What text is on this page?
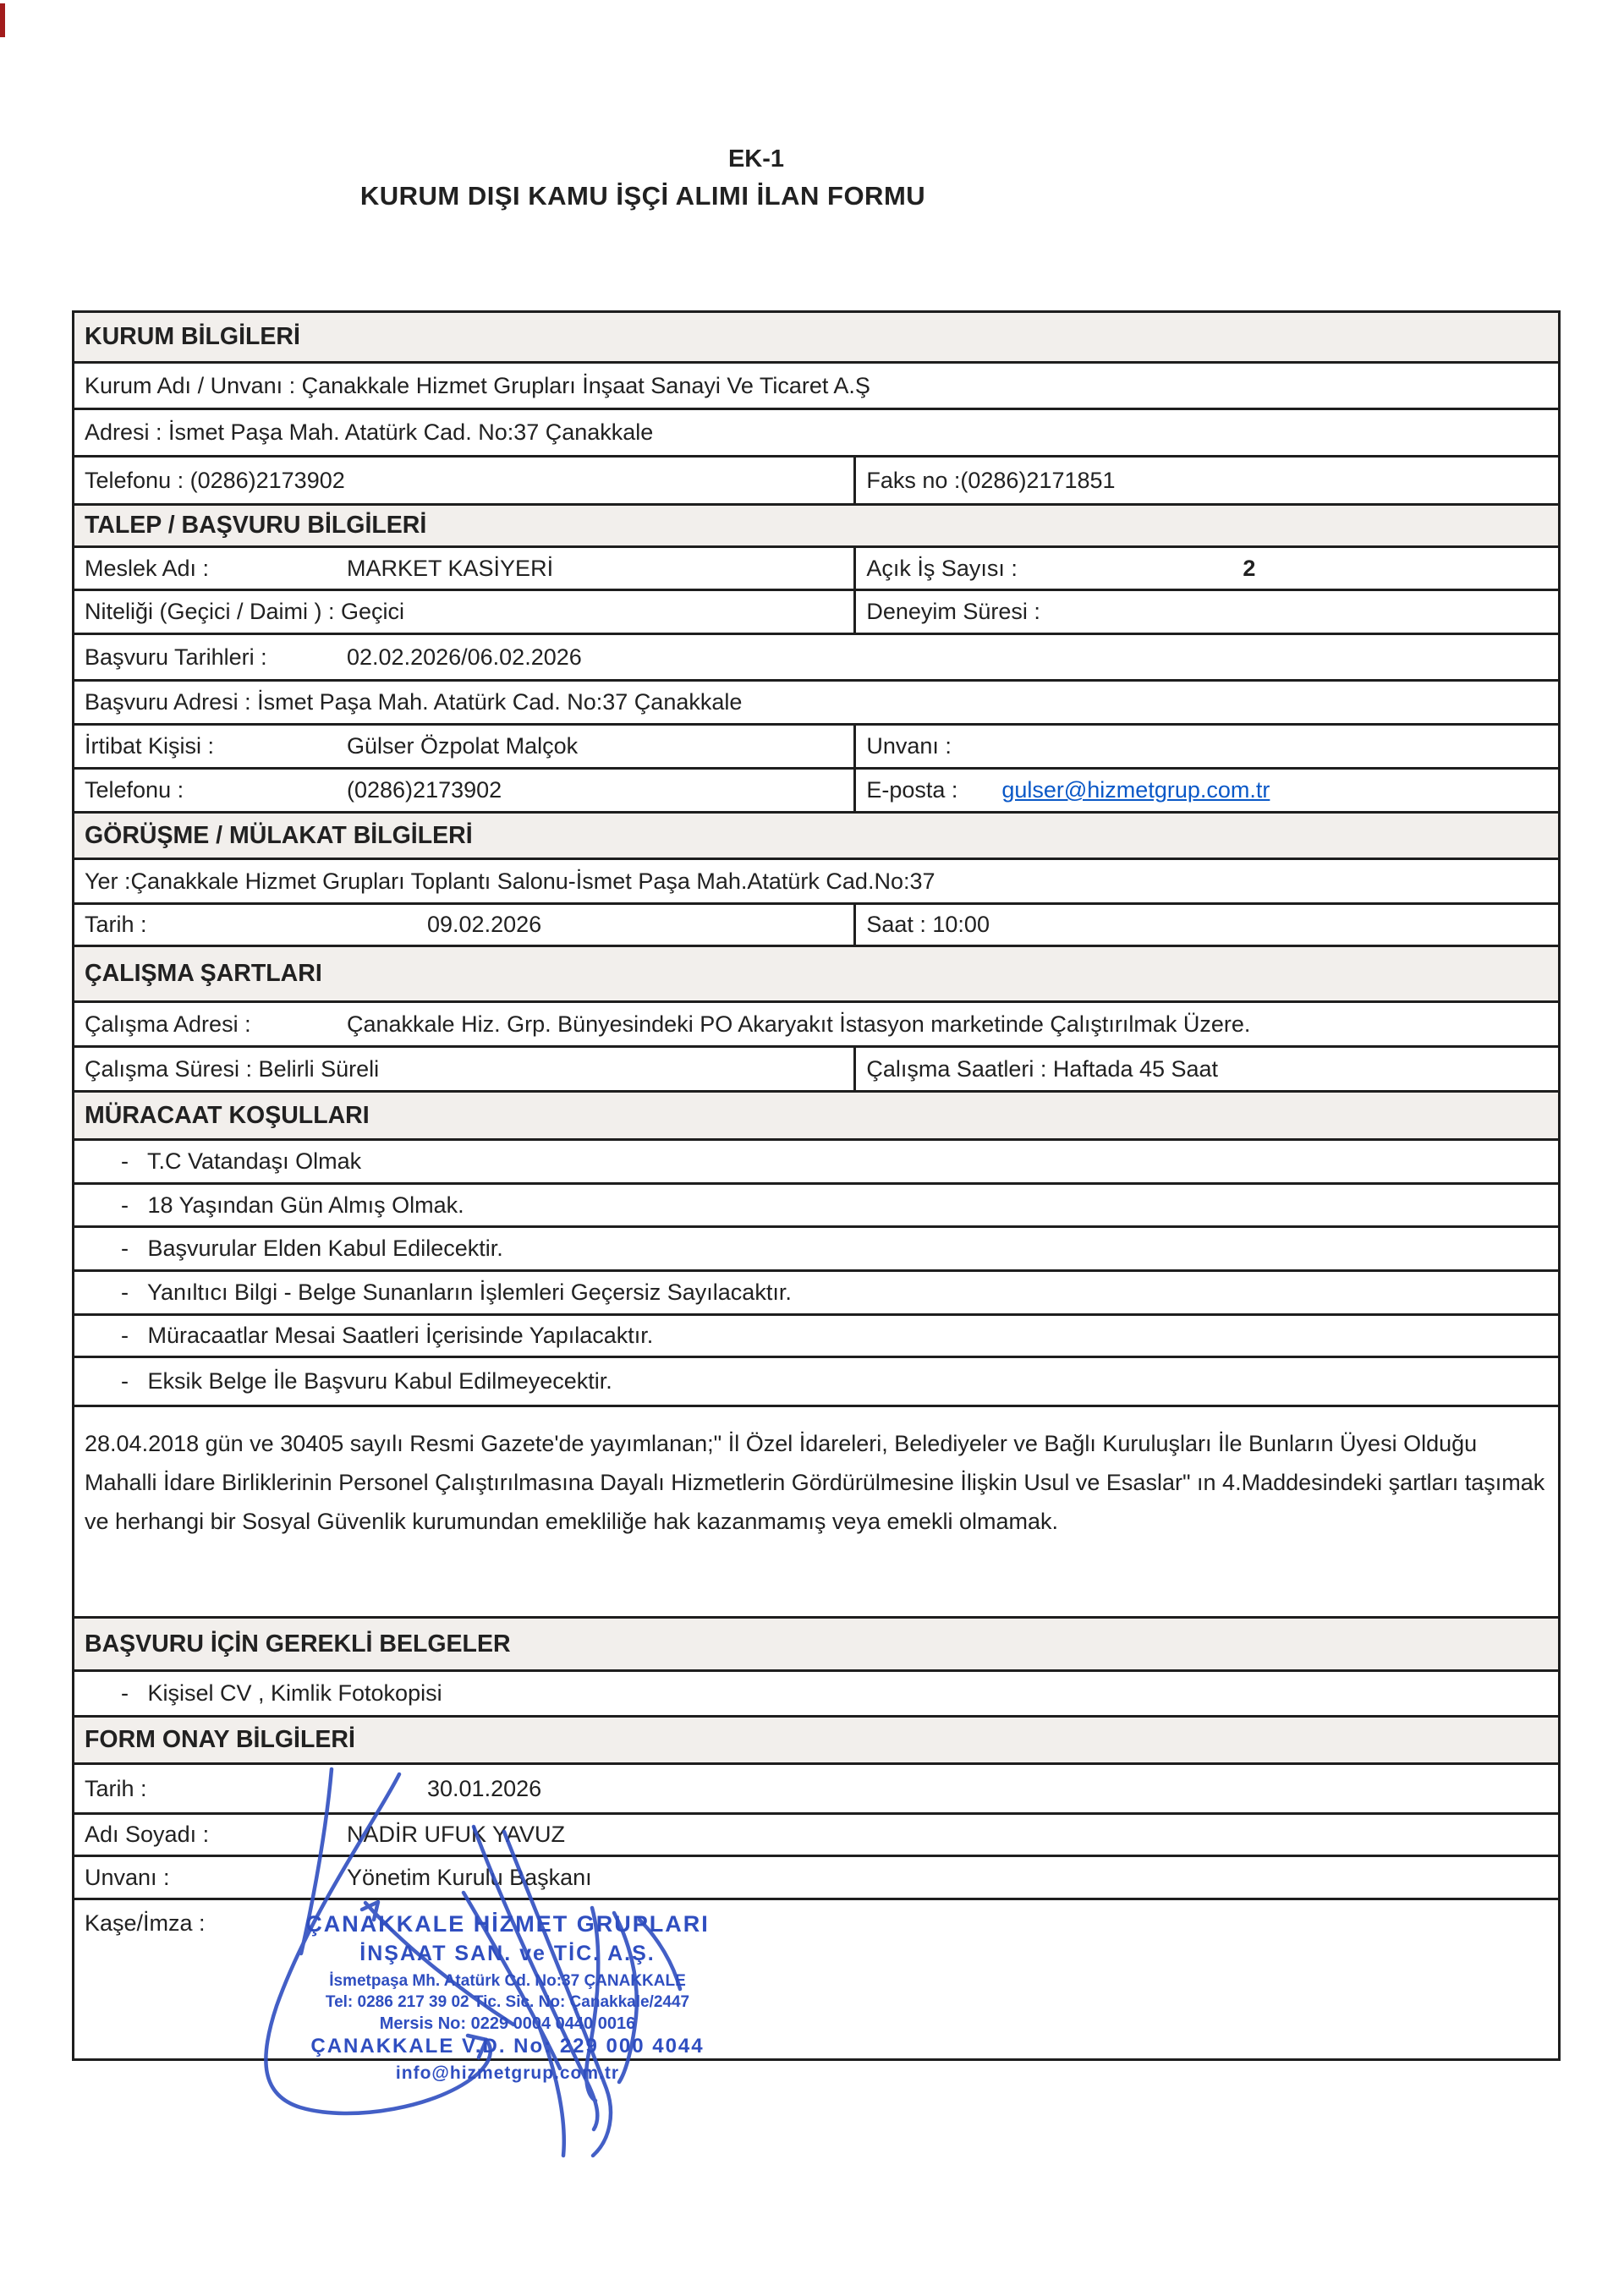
EK-1
KURUM DIŞI KAMU İŞÇİ ALIMI İLAN FORMU
KURUM BİLGİLERİ
Kurum Adı / Unvanı : Çanakkale Hizmet Grupları İnşaat Sanayi Ve Ticaret A.Ş
Adresi : İsmet Paşa Mah. Atatürk Cad. No:37 Çanakkale
Telefonu : (0286)2173902	Faks no :(0286)2171851
TALEP / BAŞVURU BİLGİLERİ
Meslek Adı :	MARKET KASİYERİ	Açık İş Sayısı :	2
Niteliği (Geçici / Daimi ) : Geçici	Deneyim Süresi :
Başvuru Tarihleri :	02.02.2026/06.02.2026
Başvuru Adresi : İsmet Paşa Mah. Atatürk Cad. No:37 Çanakkale
İrtibat Kişisi :	Gülser Özpolat Malçok	Unvanı :
Telefonu :	(0286)2173902	E-posta :	gulser@hizmetgrup.com.tr
GÖRÜŞME / MÜLAKAT BİLGİLERİ
Yer :Çanakkale Hizmet Grupları Toplantı Salonu-İsmet Paşa Mah.Atatürk Cad.No:37
Tarih :	09.02.2026	Saat : 10:00
ÇALIŞMA ŞARTLARI
Çalışma Adresi :	Çanakkale Hiz. Grp. Bünyesindeki PO Akaryakıt İstasyon marketinde Çalıştırılmak Üzere.
Çalışma Süresi : Belirli Süreli	Çalışma Saatleri : Haftada 45 Saat
MÜRACAAT KOŞULLARI
-   T.C Vatandaşı Olmak
-   18 Yaşından Gün Almış Olmak.
-   Başvurular Elden Kabul Edilecektir.
-   Yanıltıcı Bilgi - Belge Sunanların İşlemleri Geçersiz Sayılacaktır.
-   Müracaatlar Mesai Saatleri İçerisinde Yapılacaktır.
-   Eksik Belge İle Başvuru Kabul Edilmeyecektir.
28.04.2018 gün ve 30405 sayılı Resmi Gazete'de yayımlanan;" İl Özel İdareleri, Belediyeler ve Bağlı Kuruluşları İle Bunların Üyesi Olduğu Mahalli İdare Birliklerinin Personel Çalıştırılmasına Dayalı Hizmetlerin Gördürülmesine İlişkin Usul ve Esaslar" ın 4.Maddesindeki şartları taşımak ve herhangi bir Sosyal Güvenlik kurumundan emekliliğe hak kazanmamış veya emekli olmamak.
BAŞVURU İÇİN GEREKLİ BELGELER
-   Kişisel CV , Kimlik Fotokopisi
FORM ONAY BİLGİLERİ
Tarih :	30.01.2026
Adı Soyadı :	NADİR UFUK YAVUZ
Unvanı :	Yönetim Kurulu Başkanı
Kaşe/İmza :	ÇANAKKALE HİZMET GRUPLARI
İNŞAAT SAN. ve TİC. A.Ş.
İsmetpaşa Mh. Atatürk Cd. No:37 ÇANAKKALE
Tel: 0286 217 39 02 Tic. Sic. No: Çanakkale/2447
Mersis No: 0229 0004 0440 0016
ÇANAKKALE V.D. No: 229 000 4044
info@hizmetgrup.com.tr
